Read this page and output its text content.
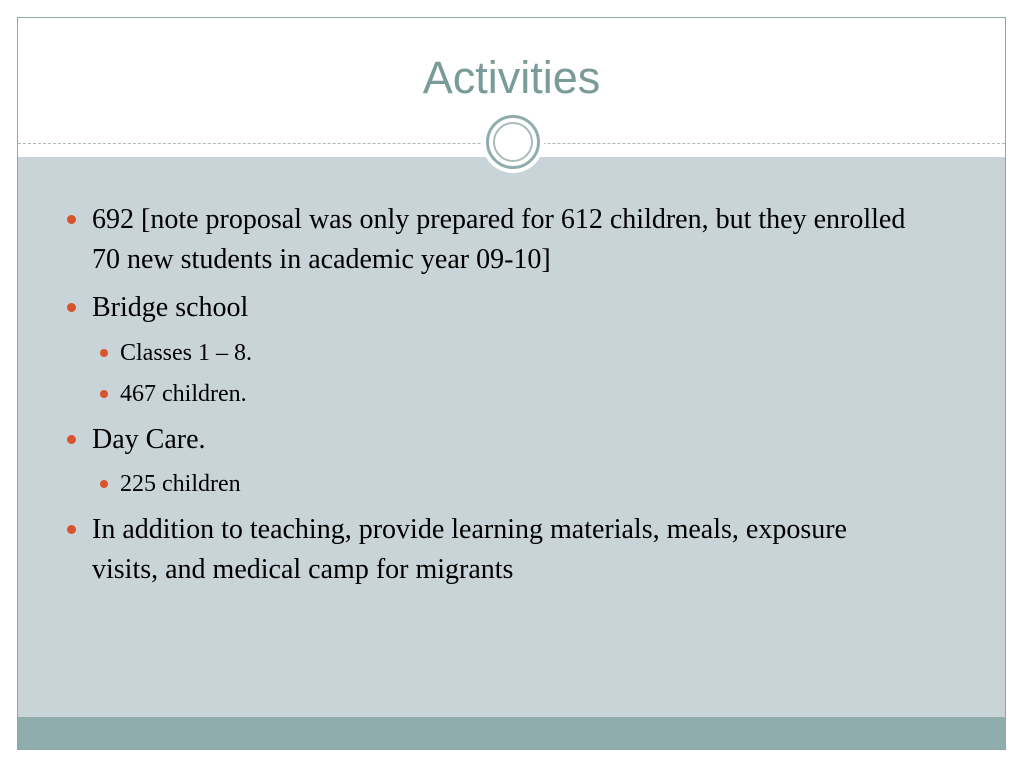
Activities
692 [note proposal was only prepared for 612 children, but they enrolled 70 new students in academic year 09-10]
Bridge school
Classes 1 – 8.
467 children.
Day Care.
225 children
In addition to teaching, provide learning materials, meals, exposure visits, and medical camp for migrants
